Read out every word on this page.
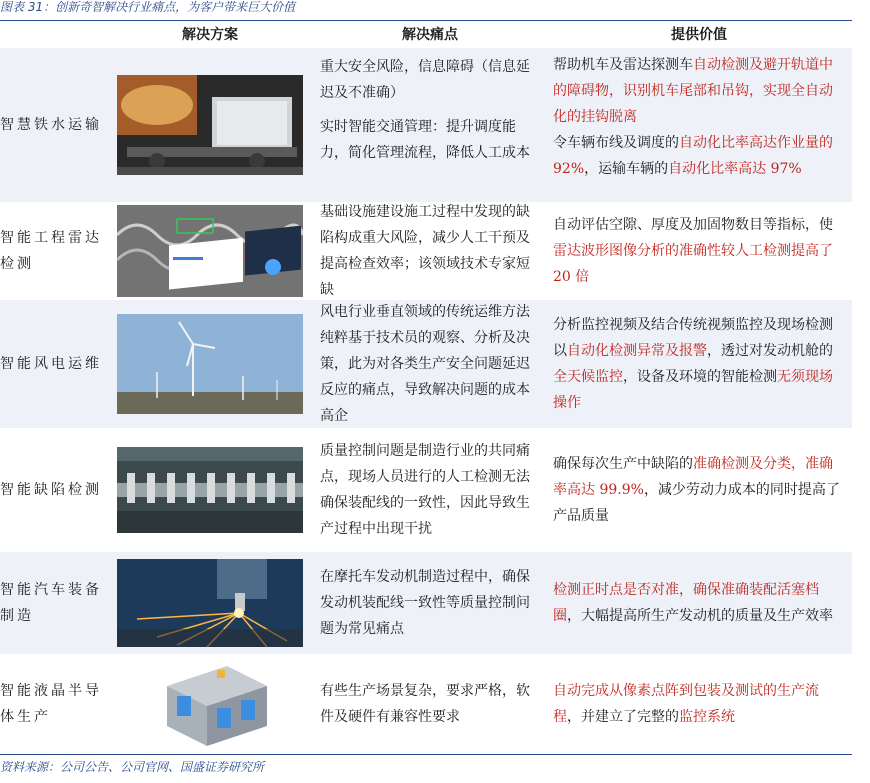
图表 31：创新奇智解决行业痛点，为客户带来巨大价值
解决方案	解决痛点	提供价值
智慧铁水运输

重大安全风险，信息障碍（信息延迟及不准确）

实时智能交通管理：提升调度能力，简化管理流程，降低人工成本

帮助机车及雷达探测车自动检测及避开轨道中的障碍物，识别机车尾部和吊钩，实现全自动化的挂钩脱离
令车辆布线及调度的自动化比率高达作业量的 92%，运输车辆的自动化比率高达 97%
智能工程雷达检测
基础设施建设施工过程中发现的缺陷构成重大风险，减少人工干预及提高检查效率；该领域技术专家短缺
自动评估空隙、厚度及加固物数目等指标，使雷达波形图像分析的准确性较人工检测提高了 20 倍
智能风电运维
风电行业垂直领域的传统运维方法纯粹基于技术员的观察、分析及决策，此为对各类生产安全问题延迟反应的痛点，导致解决问题的成本高企
分析监控视频及结合传统视频监控及现场检测以自动化检测异常及报警，透过对发动机舱的全天候监控，设备及环境的智能检测无须现场操作
智能缺陷检测
质量控制问题是制造行业的共同痛点，现场人员进行的人工检测无法确保装配线的一致性，因此导致生产过程中出现干扰
确保每次生产中缺陷的准确检测及分类，准确率高达 99.9%，减少劳动力成本的同时提高了产品质量
智能汽车装备制造
在摩托车发动机制造过程中，确保发动机装配线一致性等质量控制问题为常见痛点
检测正时点是否对准，确保准确装配活塞档圈，大幅提高所生产发动机的质量及生产效率
智能液晶半导体生产
有些生产场景复杂，要求严格，软件及硬件有兼容性要求
自动完成从像素点阵到包装及测试的生产流程，并建立了完整的监控系统
资料来源：公司公告、公司官网、国盛证券研究所
